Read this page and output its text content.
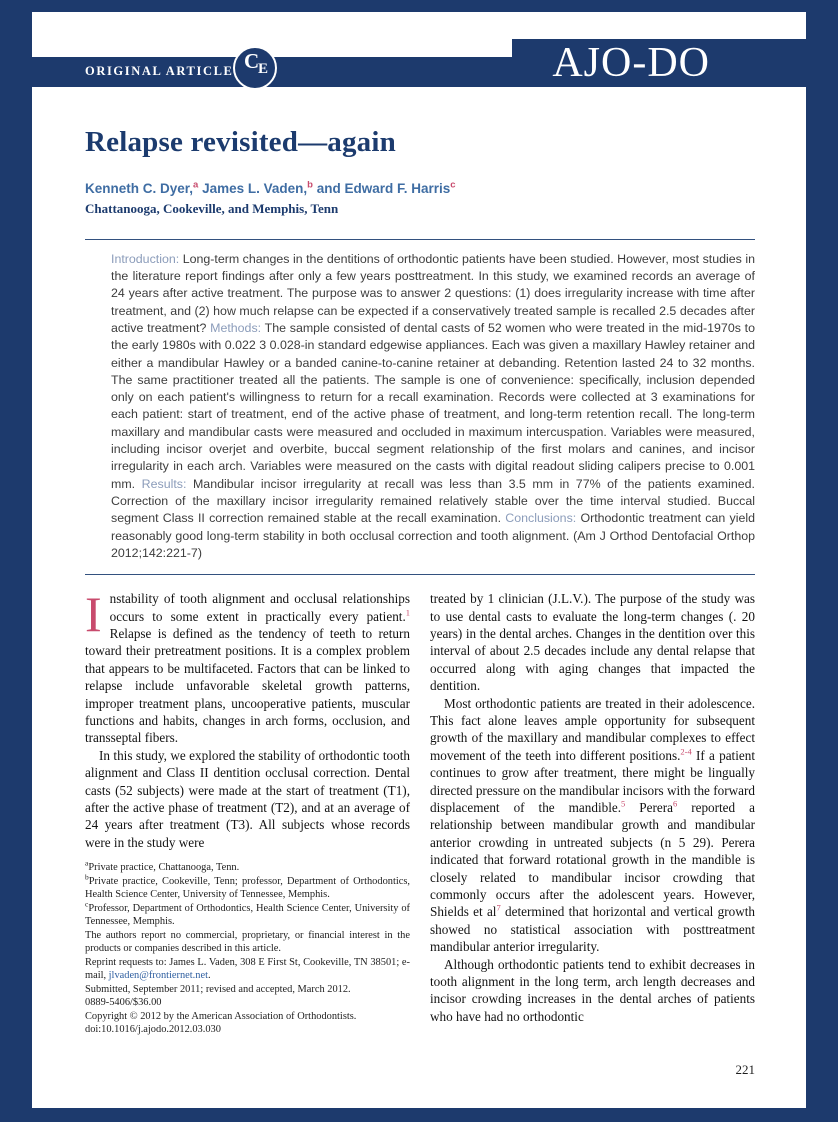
ORIGINAL ARTICLE C
E	AJO-DO
Relapse revisited—again

Kenneth C. Dyer,$^a$ James L. Vaden,$^b$ and Edward F. Harris$^c$

Chattanooga, Cookeville, and Memphis, Tenn

Introduction: Long-term changes in the dentitions of orthodontic patients have been studied. However, most studies in the literature report findings after only a few years posttreatment. In this study, we examined records an average of 24 years after active treatment. The purpose was to answer 2 questions: (1) does irregularity increase with time after treatment, and (2) how much relapse can be expected if a conservatively treated sample is recalled 2.5 decades after active treatment? Methods: The sample consisted of dental casts of 52 women who were treated in the mid-1970s to the early 1980s with 0.022 3 0.028-in standard edgewise appliances. Each was given a maxillary Hawley retainer and either a mandibular Hawley or a banded canine-to-canine retainer at debanding. Retention lasted 24 to 32 months. The same practitioner treated all the patients. The sample is one of convenience: specifically, inclusion depended only on each patient's willingness to return for a recall examination. Records were collected at 3 examinations for each patient: start of treatment, end of the active phase of treatment, and long-term retention recall. The long-term maxillary and mandibular casts were measured and occluded in maximum intercuspation. Variables were measured, including incisor overjet and overbite, buccal segment relationship of the first molars and canines, and incisor irregularity in each arch. Variables were measured on the casts with digital readout sliding calipers precise to 0.001 mm. Results: Mandibular incisor irregularity at recall was less than 3.5 mm in 77% of the patients examined. Correction of the maxillary incisor irregularity remained relatively stable over the time interval studied. Buccal segment Class II correction remained stable at the recall examination. Conclusions: Orthodontic treatment can yield reasonably good long-term stability in both occlusal correction and tooth alignment. (Am J Orthod Dentofacial Orthop 2012;142:221-7)

Instability of tooth alignment and occlusal relationships occurs to some extent in practically every patient.$^1$ Relapse is defined as the tendency of teeth to return toward their pretreatment positions. It is a complex problem that appears to be multifaceted. Factors that can be linked to relapse include unfavorable skeletal growth patterns, improper treatment plans, uncooperative patients, muscular functions and habits, changes in arch forms, occlusion, and transseptal fibers.

In this study, we explored the stability of orthodontic tooth alignment and Class II dentition occlusal correction. Dental casts (52 subjects) were made at the start of treatment (T1), after the active phase of treatment (T2), and at an average of 24 years after treatment (T3). All subjects whose records were in the study were

$^a$Private practice, Chattanooga, Tenn.

$^b$Private practice, Cookeville, Tenn; professor, Department of Orthodontics, Health Science Center, University of Tennessee, Memphis.

$^c$Professor, Department of Orthodontics, Health Science Center, University of Tennessee, Memphis.

The authors report no commercial, proprietary, or financial interest in the products or companies described in this article.

Reprint requests to: James L. Vaden, 308 E First St, Cookeville, TN 38501; e-mail, jlvaden@frontiernet.net.

Submitted, September 2011; revised and accepted, March 2012.

0889-5406/$36.00

Copyright © 2012 by the American Association of Orthodontists.

doi:10.1016/j.ajodo.2012.03.030

treated by 1 clinician (J.L.V.). The purpose of the study was to use dental casts to evaluate the long-term changes (. 20 years) in the dental arches. Changes in the dentition over this interval of about 2.5 decades include any dental relapse that occurred along with aging changes that impacted the dentition.

Most orthodontic patients are treated in their adolescence. This fact alone leaves ample opportunity for subsequent growth of the maxillary and mandibular complexes to effect movement of the teeth into different positions.$^{2-4}$ If a patient continues to grow after treatment, there might be lingually directed pressure on the mandibular incisors with the forward displacement of the mandible.$^5$ Perera$^6$ reported a relationship between mandibular growth and mandibular anterior crowding in untreated subjects (n 5 29). Perera indicated that forward rotational growth in the mandible is closely related to mandibular incisor crowding that commonly occurs after the adolescent years. However, Shields et al$^7$ determined that horizontal and vertical growth showed no statistical association with posttreatment mandibular anterior irregularity.

Although orthodontic patients tend to exhibit decreases in tooth alignment in the long term, arch length decreases and incisor crowding increases in the dental arches of patients who have had no orthodontic

221
